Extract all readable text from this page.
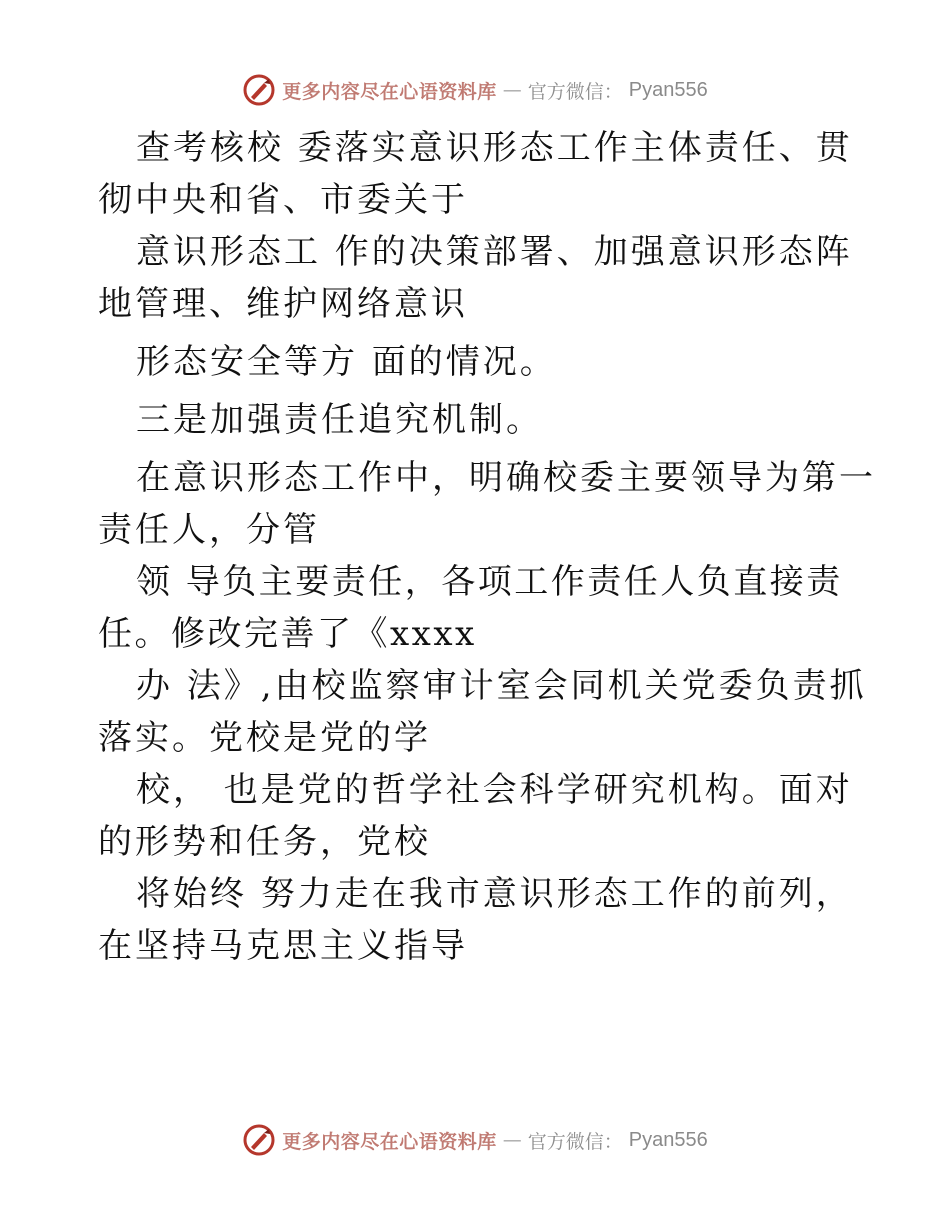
更多内容尽在心语资料库 — 官方微信： Pyan556

查考核校 委落实意识形态工作主体责任、贯彻中央和省、市委关于

意识形态工 作的决策部署、加强意识形态阵地管理、维护网络意识

形态安全等方 面的情况。

三是加强责任追究机制。

在意识形态工作中，明确校委主要领导为第一责任人，分管

领 导负主要责任，各项工作责任人负直接责任。修改完善了《xxxx

办 法》,由校监察审计室会同机关党委负责抓落实。党校是党的学

校， 也是党的哲学社会科学研究机构。面对的形势和任务，党校

将始终 努力走在我市意识形态工作的前列，在坚持马克思主义指导

更多内容尽在心语资料库 — 官方微信： Pyan556
